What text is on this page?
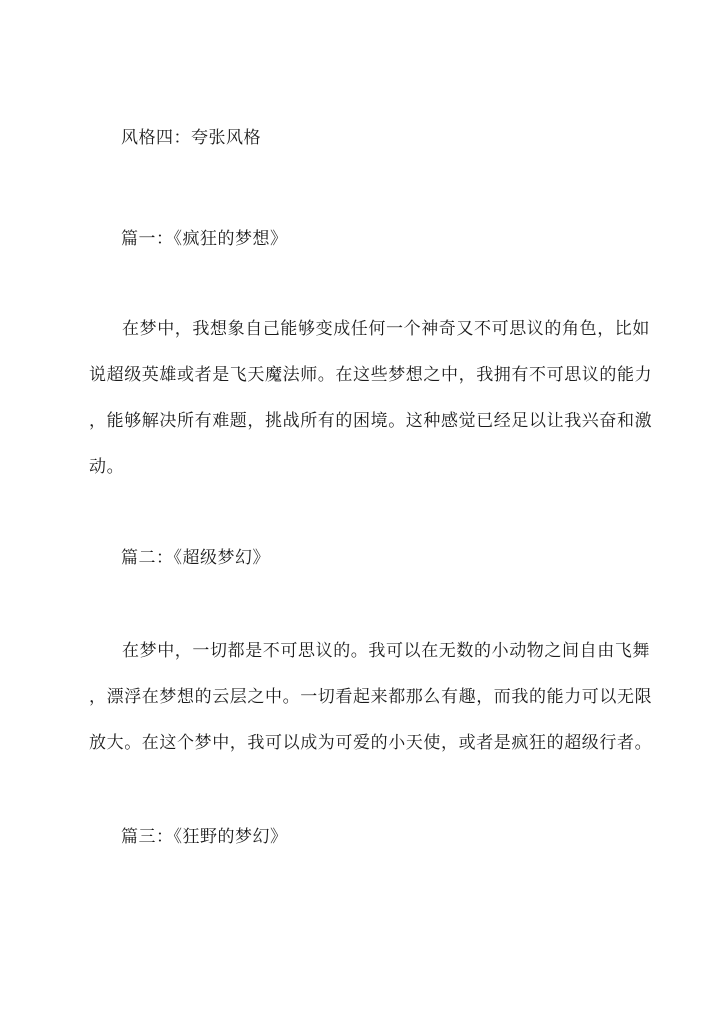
风格四：夸张风格
篇一：《疯狂的梦想》
在梦中，我想象自己能够变成任何一个神奇又不可思议的角色，比如
说超级英雄或者是飞天魔法师。在这些梦想之中，我拥有不可思议的能力
，能够解决所有难题，挑战所有的困境。这种感觉已经足以让我兴奋和激
动。
篇二：《超级梦幻》
在梦中，一切都是不可思议的。我可以在无数的小动物之间自由飞舞
，漂浮在梦想的云层之中。一切看起来都那么有趣，而我的能力可以无限
放大。在这个梦中，我可以成为可爱的小天使，或者是疯狂的超级行者。
篇三：《狂野的梦幻》
